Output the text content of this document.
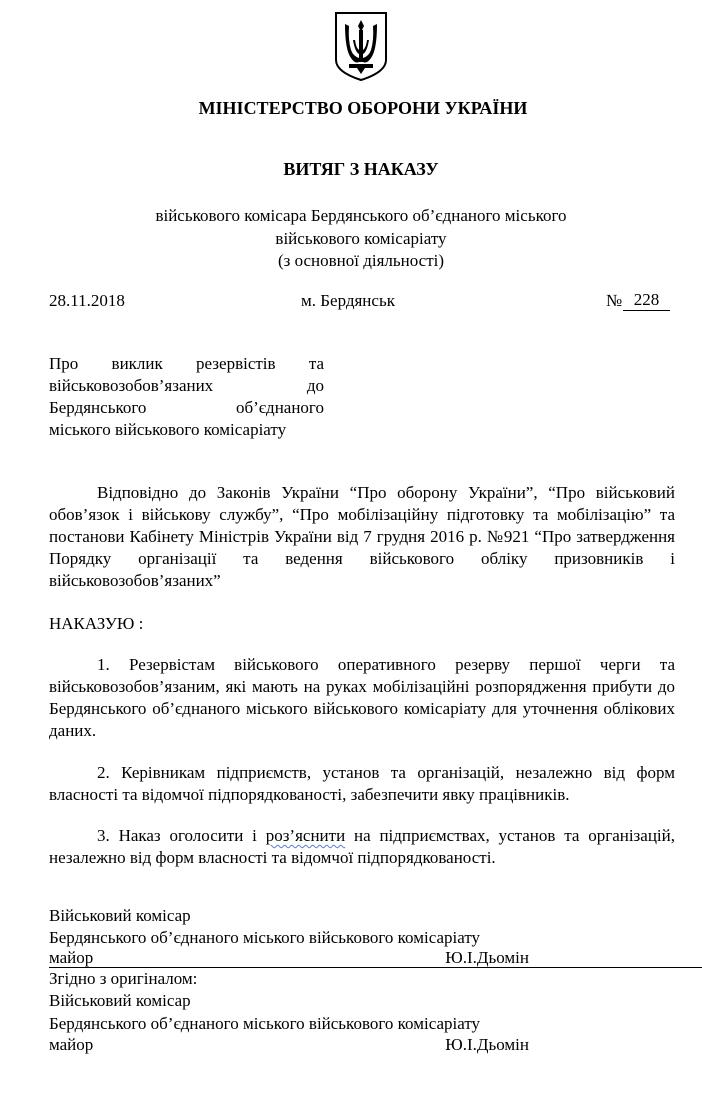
МІНІСТЕРСТВО ОБОРОНИ УКРАЇНИ
ВИТЯГ З НАКАЗУ
військового комісара Бердянського об’єднаного міського
військового комісаріату
(з основної діяльності)
28.11.2018	м. Бердянськ	№ 228
Про виклик резервістів та
військовозобов’язаних до
Бердянського об’єднаного
міського військового комісаріату
Відповідно до Законів України “Про оборону України”, “Про військовий обов’язок і військову службу”, “Про мобілізаційну підготовку та мобілізацію” та постанови Кабінету Міністрів України від 7 грудня 2016 р. №921 “Про затвердження Порядку організації та ведення військового обліку призовників і військовозобов’язаних”
НАКАЗУЮ :
1. Резервістам військового оперативного резерву першої черги та військовозобов’язаним, які мають на руках мобілізаційні розпорядження прибути до Бердянського об’єднаного міського військового комісаріату для уточнення облікових даних.
2. Керівникам підприємств, установ та організацій, незалежно від форм власності та відомчої підпорядкованості, забезпечити явку працівників.
3. Наказ оголосити і роз’яснити на підприємствах, установ та організацій, незалежно від форм власності та відомчої підпорядкованості.
Військовий комісар
Бердянського об’єднаного міського військового комісаріату
майор	Ю.І.Дьомін
Згідно з оригіналом:
Військовий комісар
Бердянського об’єднаного міського військового комісаріату
майор	Ю.І.Дьомін
